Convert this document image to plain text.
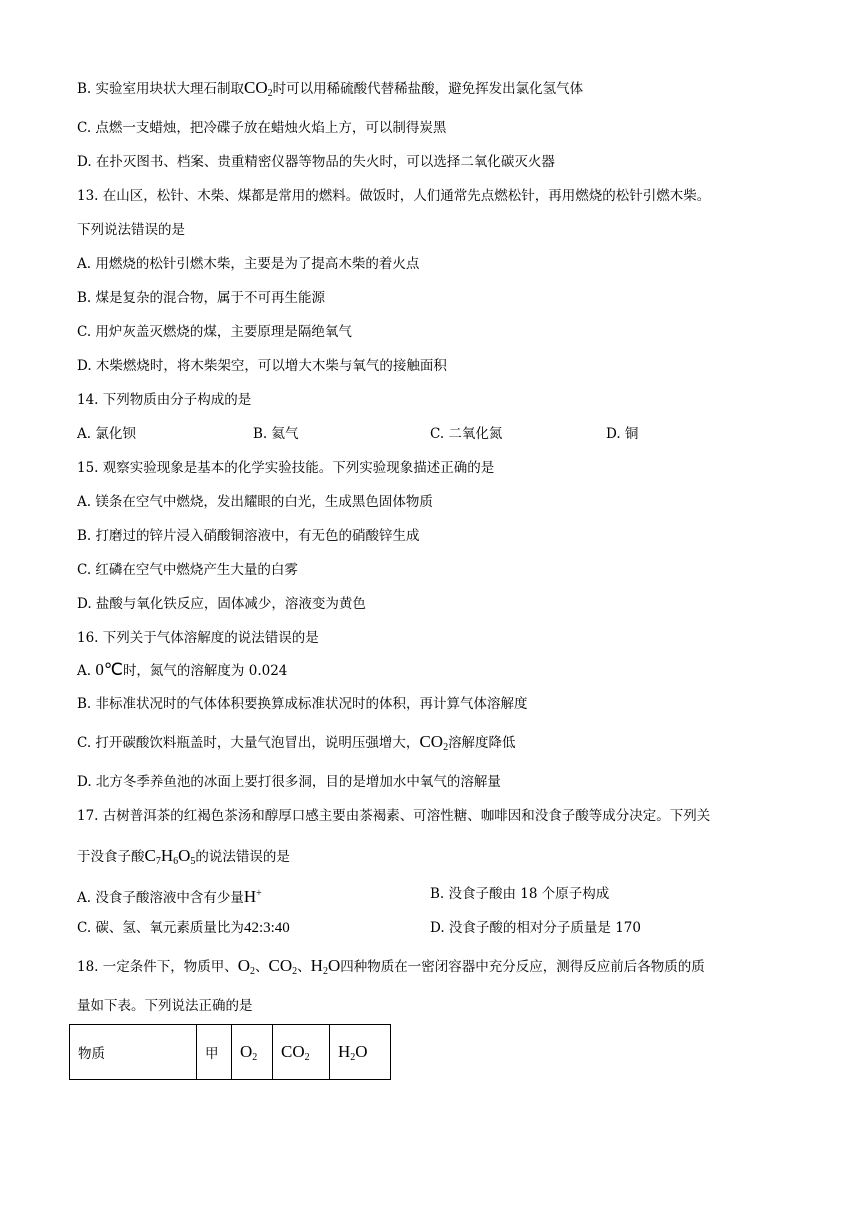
B. 实验室用块状大理石制取$CO_2$时可以用稀硫酸代替稀盐酸，避免挥发出氯化氢气体
C. 点燃一支蜡烛，把冷碟子放在蜡烛火焰上方，可以制得炭黑
D. 在扑灭图书、档案、贵重精密仪器等物品的失火时，可以选择二氧化碳灭火器
13. 在山区，松针、木柴、煤都是常用的燃料。做饭时，人们通常先点燃松针，再用燃烧的松针引燃木柴。
下列说法错误的是
A. 用燃烧的松针引燃木柴，主要是为了提高木柴的着火点
B. 煤是复杂的混合物，属于不可再生能源
C. 用炉灰盖灭燃烧的煤，主要原理是隔绝氧气
D. 木柴燃烧时，将木柴架空，可以增大木柴与氧气的接触面积
14. 下列物质由分子构成的是
A. 氯化钡	B. 氦气	C. 二氧化氮	D. 铜
15. 观察实验现象是基本的化学实验技能。下列实验现象描述正确的是
A. 镁条在空气中燃烧，发出耀眼的白光，生成黑色固体物质
B. 打磨过的锌片浸入硝酸铜溶液中，有无色的硝酸锌生成
C. 红磷在空气中燃烧产生大量的白雾
D. 盐酸与氧化铁反应，固体减少，溶液变为黄色
16. 下列关于气体溶解度的说法错误的是
A. 0℃时，氮气的溶解度为 0.024
B. 非标准状况时的气体体积要换算成标准状况时的体积，再计算气体溶解度
C. 打开碳酸饮料瓶盖时，大量气泡冒出，说明压强增大，$CO_2$溶解度降低
D. 北方冬季养鱼池的冰面上要打很多洞，目的是增加水中氧气的溶解量
17. 古树普洱茶的红褐色茶汤和醇厚口感主要由茶褐素、可溶性糖、咖啡因和没食子酸等成分决定。下列关
于没食子酸$C_7H_6O_5$的说法错误的是
A. 没食子酸溶液中含有少量H+	B. 没食子酸由 18 个原子构成
C. 碳、氢、氧元素质量比为42:3:40	D. 没食子酸的相对分子质量是 170
18. 一定条件下，物质甲、$O_2$、$CO_2$、$H_2O$四种物质在一密闭容器中充分反应，测得反应前后各物质的质
量如下表。下列说法正确的是
物质	甲	$O_2$	$CO_2$	$H_2O$
